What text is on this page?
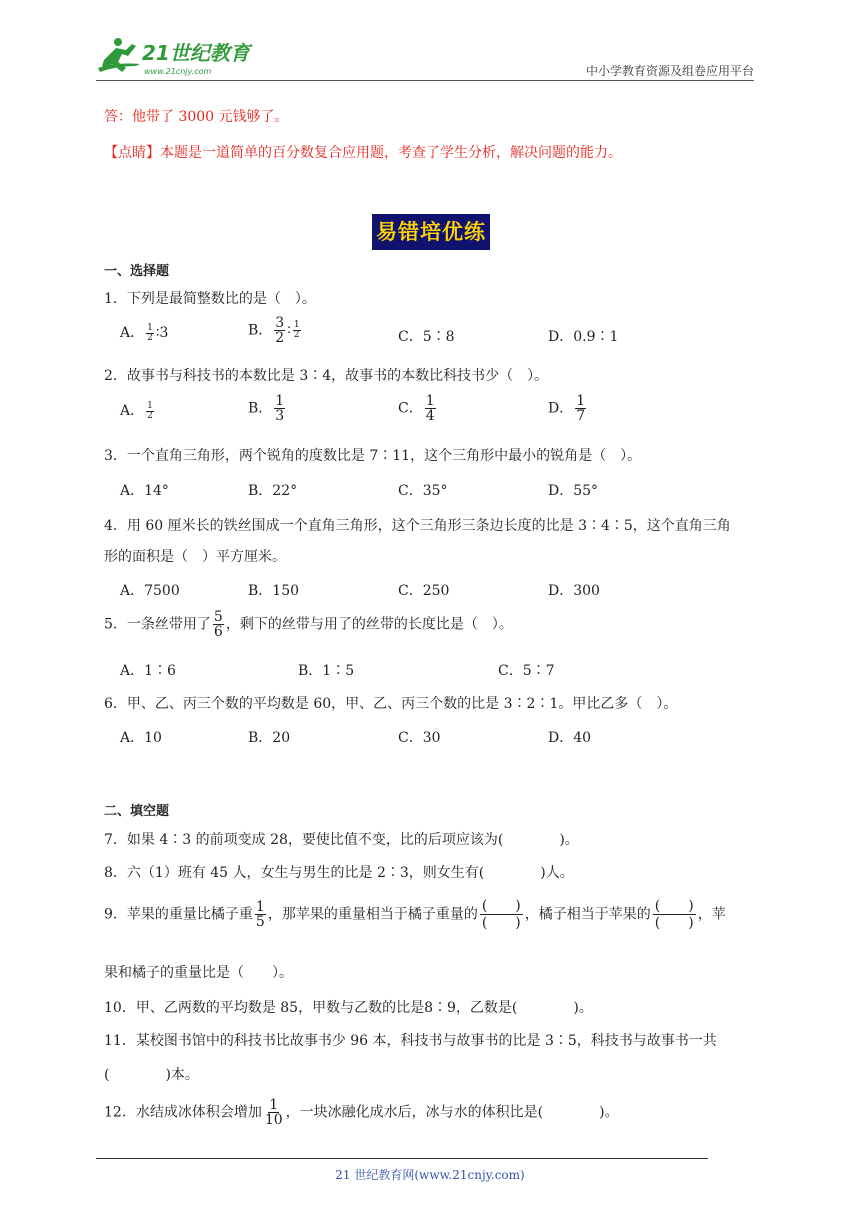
21世纪教育
www.21cnjy.com	中小学教育资源及组卷应用平台
答：他带了 3000 元钱够了。
【点睛】本题是一道简单的百分数复合应用题，考查了学生分析，解决问题的能力。
易错培优练
一、选择题
1．下列是最简整数比的是（　）。
A． $\frac{1}{2}$ ∶3	B． $\frac{3}{2}$ ∶ $\frac{1}{2}$	C．5∶8	D．0.9∶1
2．故事书与科技书的本数比是 3∶4，故事书的本数比科技书少（　）。
A． $\frac{1}{2}$	B． $\frac{1}{3}$	C． $\frac{1}{4}$	D． $\frac{1}{7}$
3．一个直角三角形，两个锐角的度数比是 7∶11，这个三角形中最小的锐角是（　）。
A．14°	B．22°	C．35°	D．55°
4．用 60 厘米长的铁丝围成一个直角三角形，这个三角形三条边长度的比是 3∶4∶5，这个直角三角
形的面积是（　）平方厘米。
A．7500	B．150	C．250	D．300
5．一条丝带用了 $\frac{5}{6}$ ，剩下的丝带与用了的丝带的长度比是（　）。
A．1∶6	B．1∶5	C．5∶7
6．甲、乙、丙三个数的平均数是 60，甲、乙、丙三个数的比是 3∶2∶1。甲比乙多（　）。
A．10	B．20	C．30	D．40
二、填空题
7．如果 4∶3 的前项变成 28，要使比值不变，比的后项应该为(　　　　)。
8．六（1）班有 45 人，女生与男生的比是 2∶3，则女生有(　　　　)人。
9．苹果的重量比橘子重 $\frac{1}{5}$ ，那苹果的重量相当于橘子重量的 $\frac{( )}{( )}$ ，橘子相当于苹果的 $\frac{( )}{( )}$ ，苹
果和橘子的重量比是（　　）。
10．甲、乙两数的平均数是 85，甲数与乙数的比是8∶9，乙数是(　　　　)。
11．某校图书馆中的科技书比故事书少 96 本，科技书与故事书的比是 3∶5，科技书与故事书一共
(　　　　)本。
12．水结成冰体积会增加 $\frac{1}{10}$ ，一块冰融化成水后，冰与水的体积比是(　　　　)。
21 世纪教育网(www.21cnjy.com)
